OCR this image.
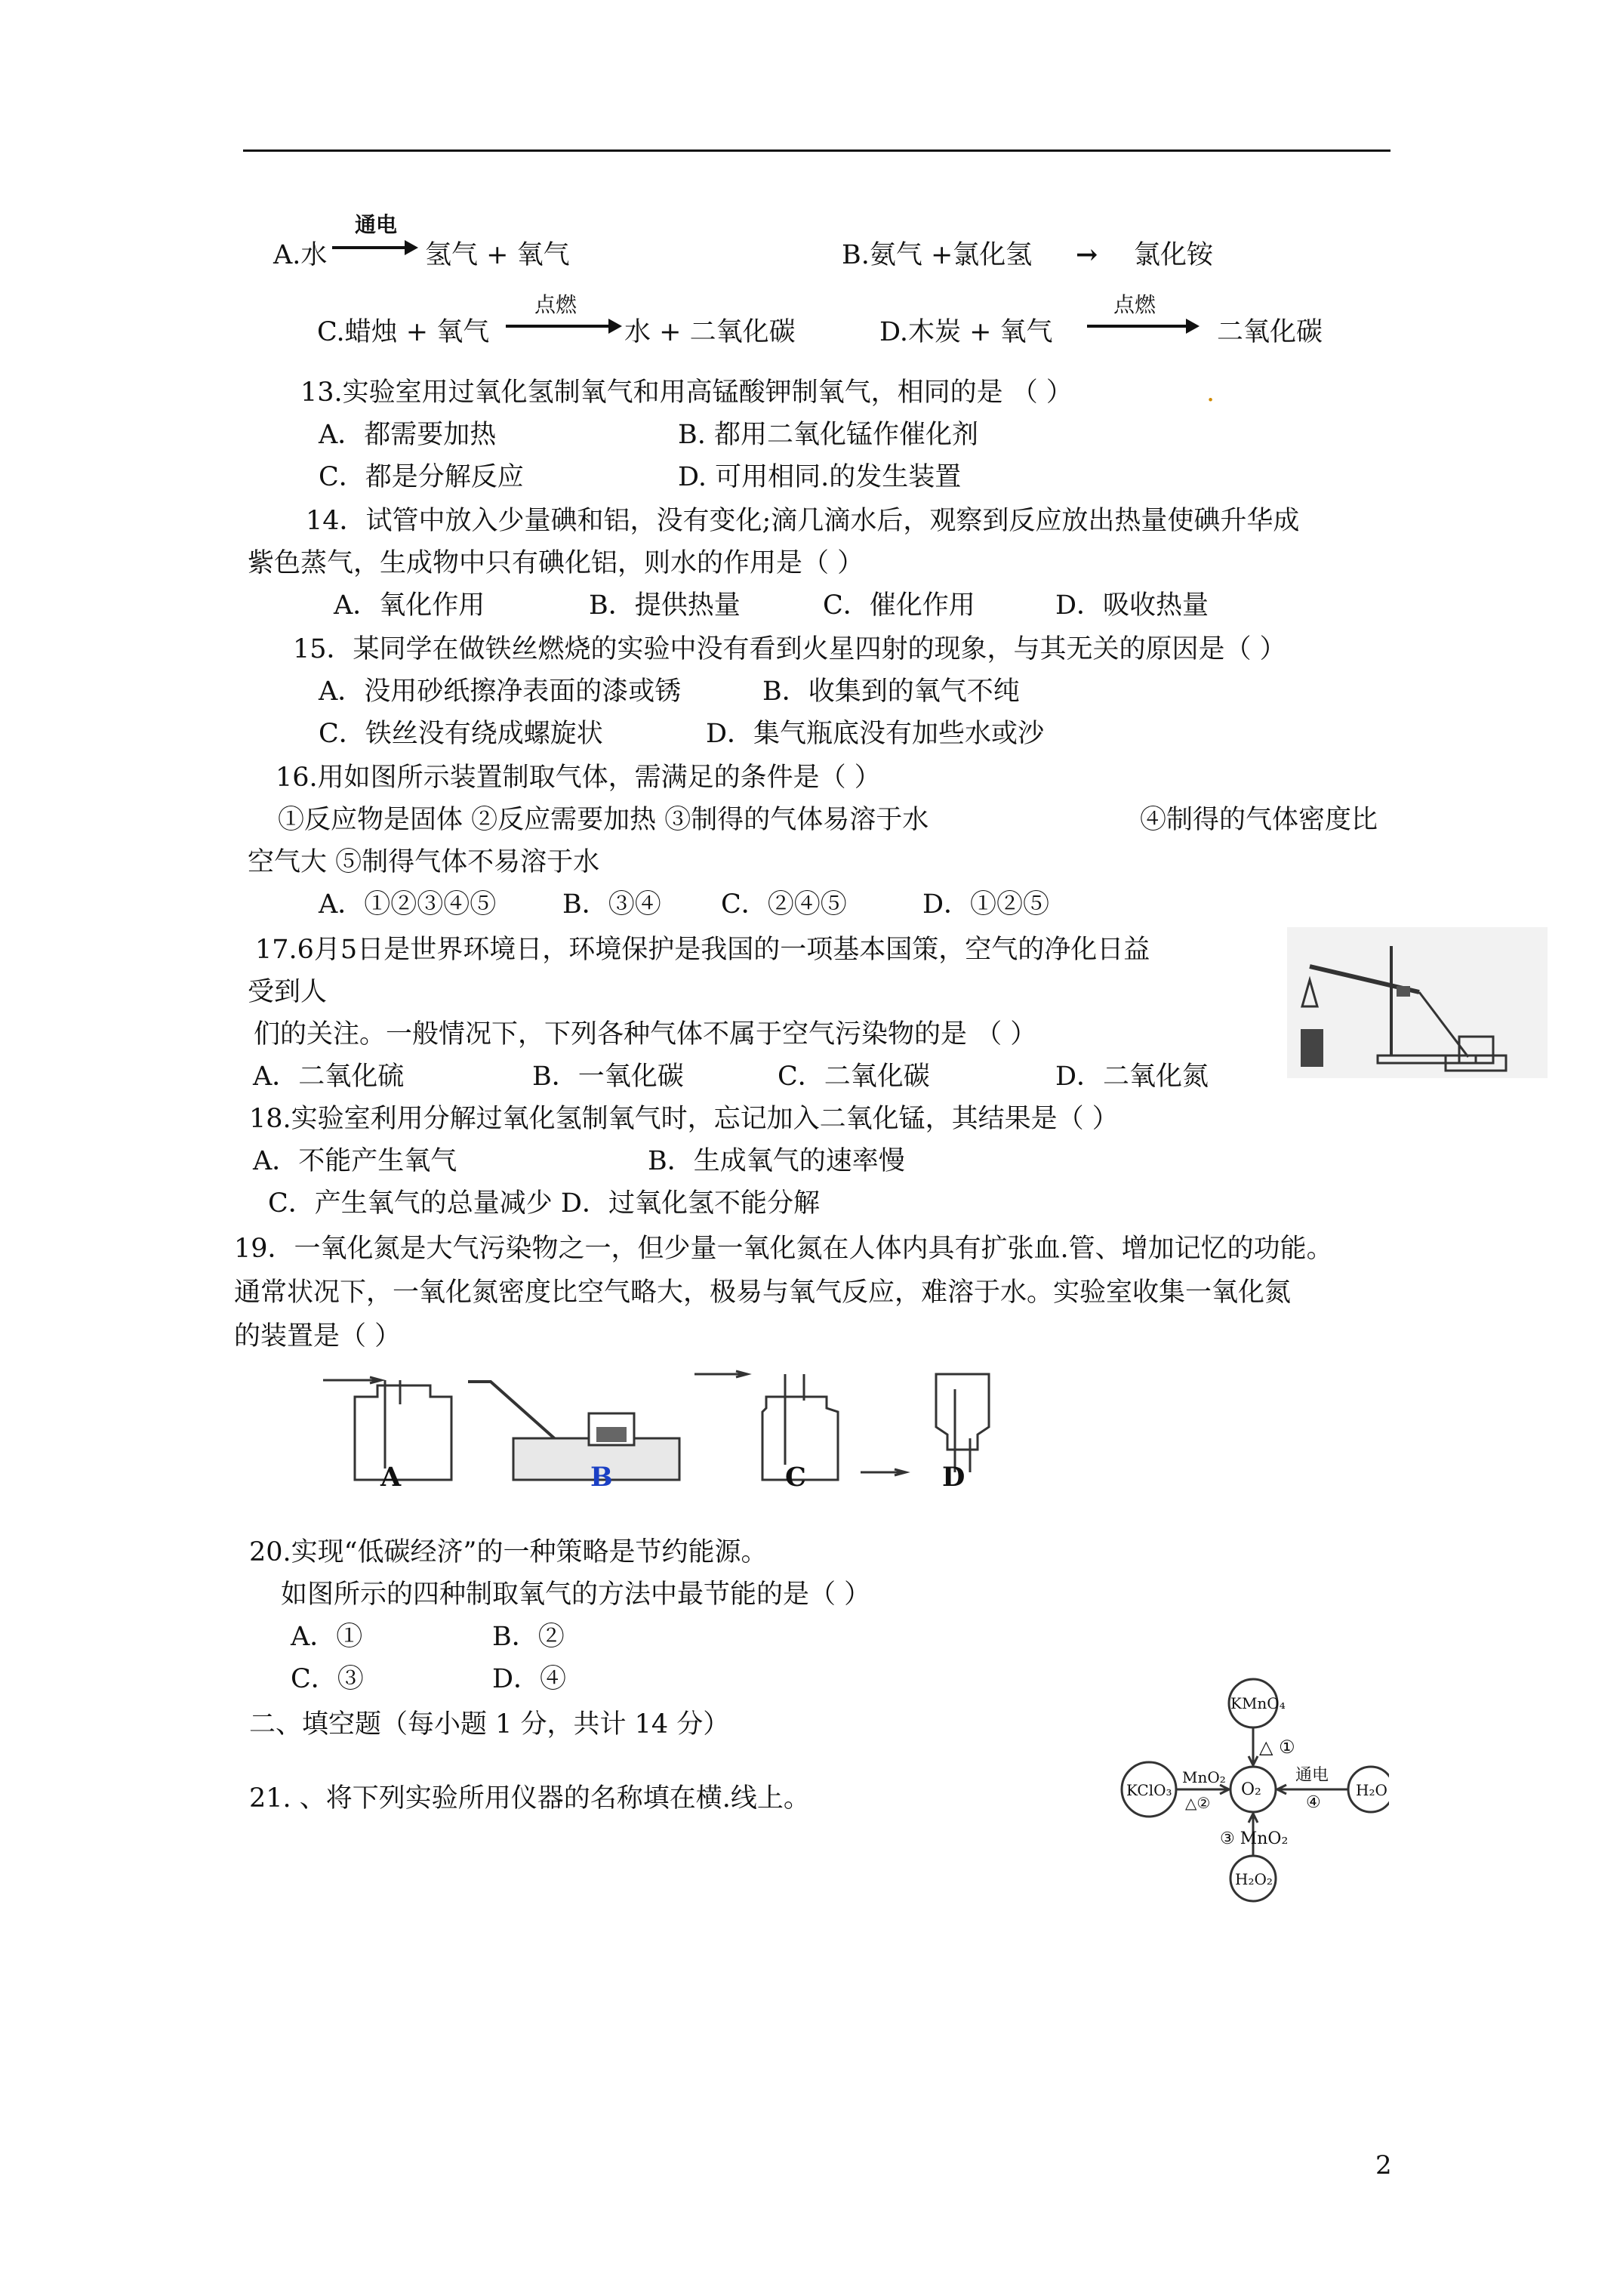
A.水
通电
氢气 + 氧气	B.氨气 +氯化氢 → 氯化铵
C.蜡烛 + 氧气
点燃
水 + 二氧化碳	D.木炭 + 氧气
点燃
二氧化碳
13.实验室用过氧化氢制氧气和用高锰酸钾制氧气，相同的是 （ ）	.
A．都需要加热	B. 都用二氧化锰作催化剂
C．都是分解反应	D. 可用相同.的发生装置
14．试管中放入少量碘和铝，没有变化;滴几滴水后，观察到反应放出热量使碘升华成
紫色蒸气，生成物中只有碘化铝，则水的作用是（ ）
A．氧化作用	B．提供热量	C．催化作用	D．吸收热量
15．某同学在做铁丝燃烧的实验中没有看到火星四射的现象，与其无关的原因是（ ）
A．没用砂纸擦净表面的漆或锈	B．收集到的氧气不纯
C．铁丝没有绕成螺旋状	D．集气瓶底没有加些水或沙
16.用如图所示装置制取气体，需满足的条件是（ ）
①反应物是固体 ②反应需要加热 ③制得的气体易溶于水	④制得的气体密度比
空气大 ⑤制得气体不易溶于水
A．①②③④⑤	B．③④ C．②④⑤	D．①②⑤
17.6月5日是世界环境日，环境保护是我国的一项基本国策，空气的净化日益
受到人
们的关注。一般情况下，下列各种气体不属于空气污染物的是 （ ）
A．二氧化硫	B．一氧化碳	C．二氧化碳	D．二氧化氮
18.实验室利用分解过氧化氢制氧气时，忘记加入二氧化锰，其结果是（ ）
A．不能产生氧气	B．生成氧气的速率慢
C．产生氧气的总量减少 D．过氧化氢不能分解
19．一氧化氮是大气污染物之一，但少量一氧化氮在人体内具有扩张血.管、增加记忆的功能。
通常状况下，一氧化氮密度比空气略大，极易与氧气反应，难溶于水。实验室收集一氧化氮
的装置是（ ）
A	B	C	D
20.实现“低碳经济”的一种策略是节约能源。
如图所示的四种制取氧气的方法中最节能的是（ ）
A．①	B．②
C．③	D．④
二、填空题（每小题 1 分，共计 14 分）
21. 、将下列实验所用仪器的名称填在横.线上。
KMnO₄
△ ①
KClO₃
MnO₂
△②
O₂
通电
④
H₂O
③ MnO₂
H₂O₂
2
